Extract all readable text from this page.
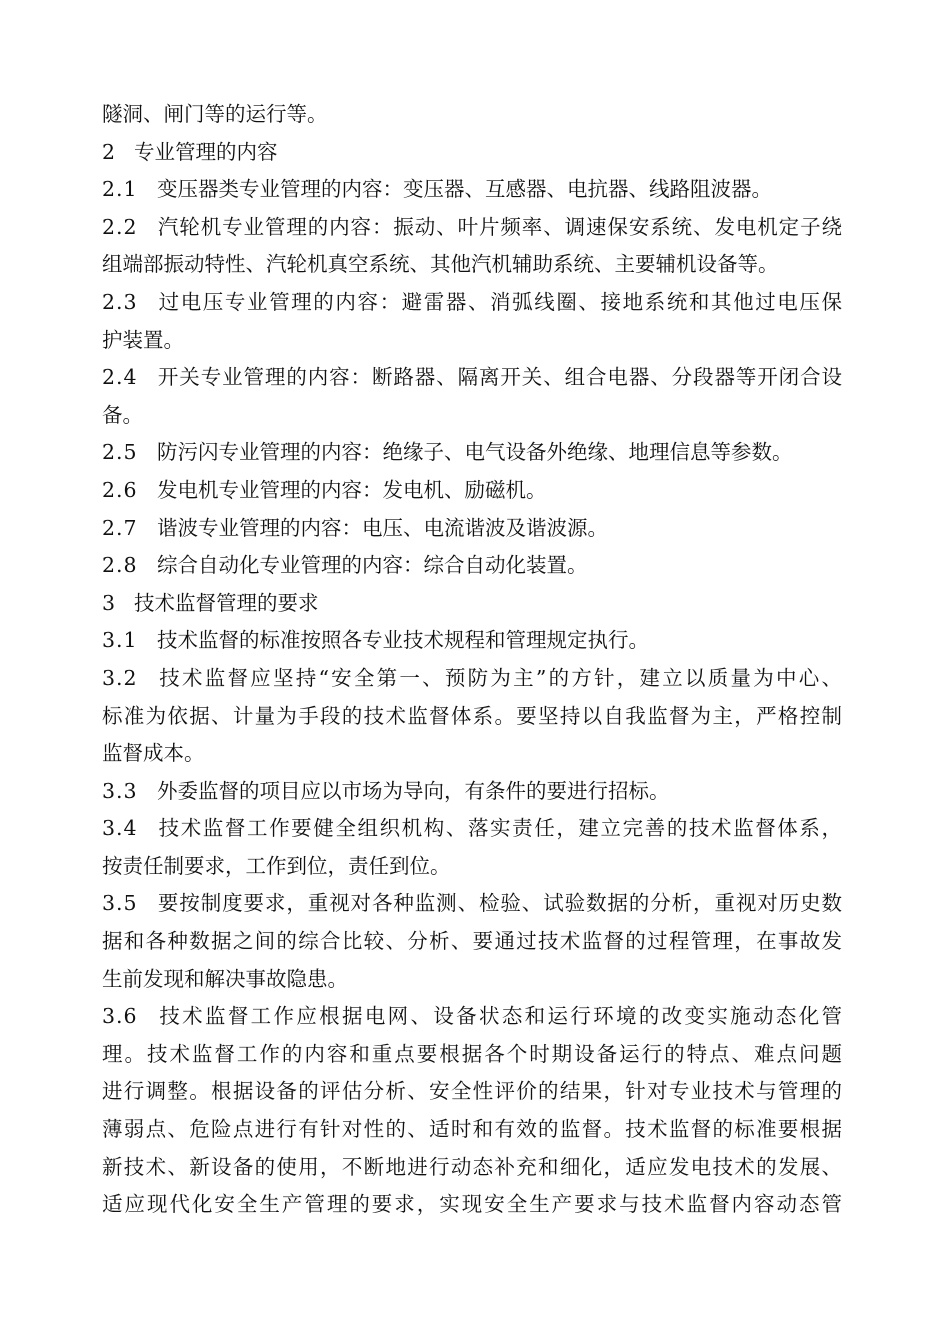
隧洞、闸门等的运行等。
2 专业管理的内容
2.1 变压器类专业管理的内容：变压器、互感器、电抗器、线路阻波器。
2.2 汽轮机专业管理的内容：振动、叶片频率、调速保安系统、发电机定子绕
组端部振动特性、汽轮机真空系统、其他汽机辅助系统、主要辅机设备等。
2.3 过电压专业管理的内容：避雷器、消弧线圈、接地系统和其他过电压保
护装置。
2.4 开关专业管理的内容：断路器、隔离开关、组合电器、分段器等开闭合设
备。
2.5 防污闪专业管理的内容：绝缘子、电气设备外绝缘、地理信息等参数。
2.6 发电机专业管理的内容：发电机、励磁机。
2.7 谐波专业管理的内容：电压、电流谐波及谐波源。
2.8 综合自动化专业管理的内容：综合自动化装置。
3 技术监督管理的要求
3.1 技术监督的标准按照各专业技术规程和管理规定执行。
3.2 技术监督应坚持“安全第一、预防为主”的方针，建立以质量为中心、
标准为依据、计量为手段的技术监督体系。要坚持以自我监督为主，严格控制
监督成本。
3.3 外委监督的项目应以市场为导向，有条件的要进行招标。
3.4 技术监督工作要健全组织机构、落实责任，建立完善的技术监督体系，
按责任制要求，工作到位，责任到位。
3.5 要按制度要求，重视对各种监测、检验、试验数据的分析，重视对历史数
据和各种数据之间的综合比较、分析、要通过技术监督的过程管理，在事故发
生前发现和解决事故隐患。
3.6 技术监督工作应根据电网、设备状态和运行环境的改变实施动态化管
理。技术监督工作的内容和重点要根据各个时期设备运行的特点、难点问题
进行调整。根据设备的评估分析、安全性评价的结果，针对专业技术与管理的
薄弱点、危险点进行有针对性的、适时和有效的监督。技术监督的标准要根据
新技术、新设备的使用，不断地进行动态补充和细化，适应发电技术的发展、
适应现代化安全生产管理的要求，实现安全生产要求与技术监督内容动态管
